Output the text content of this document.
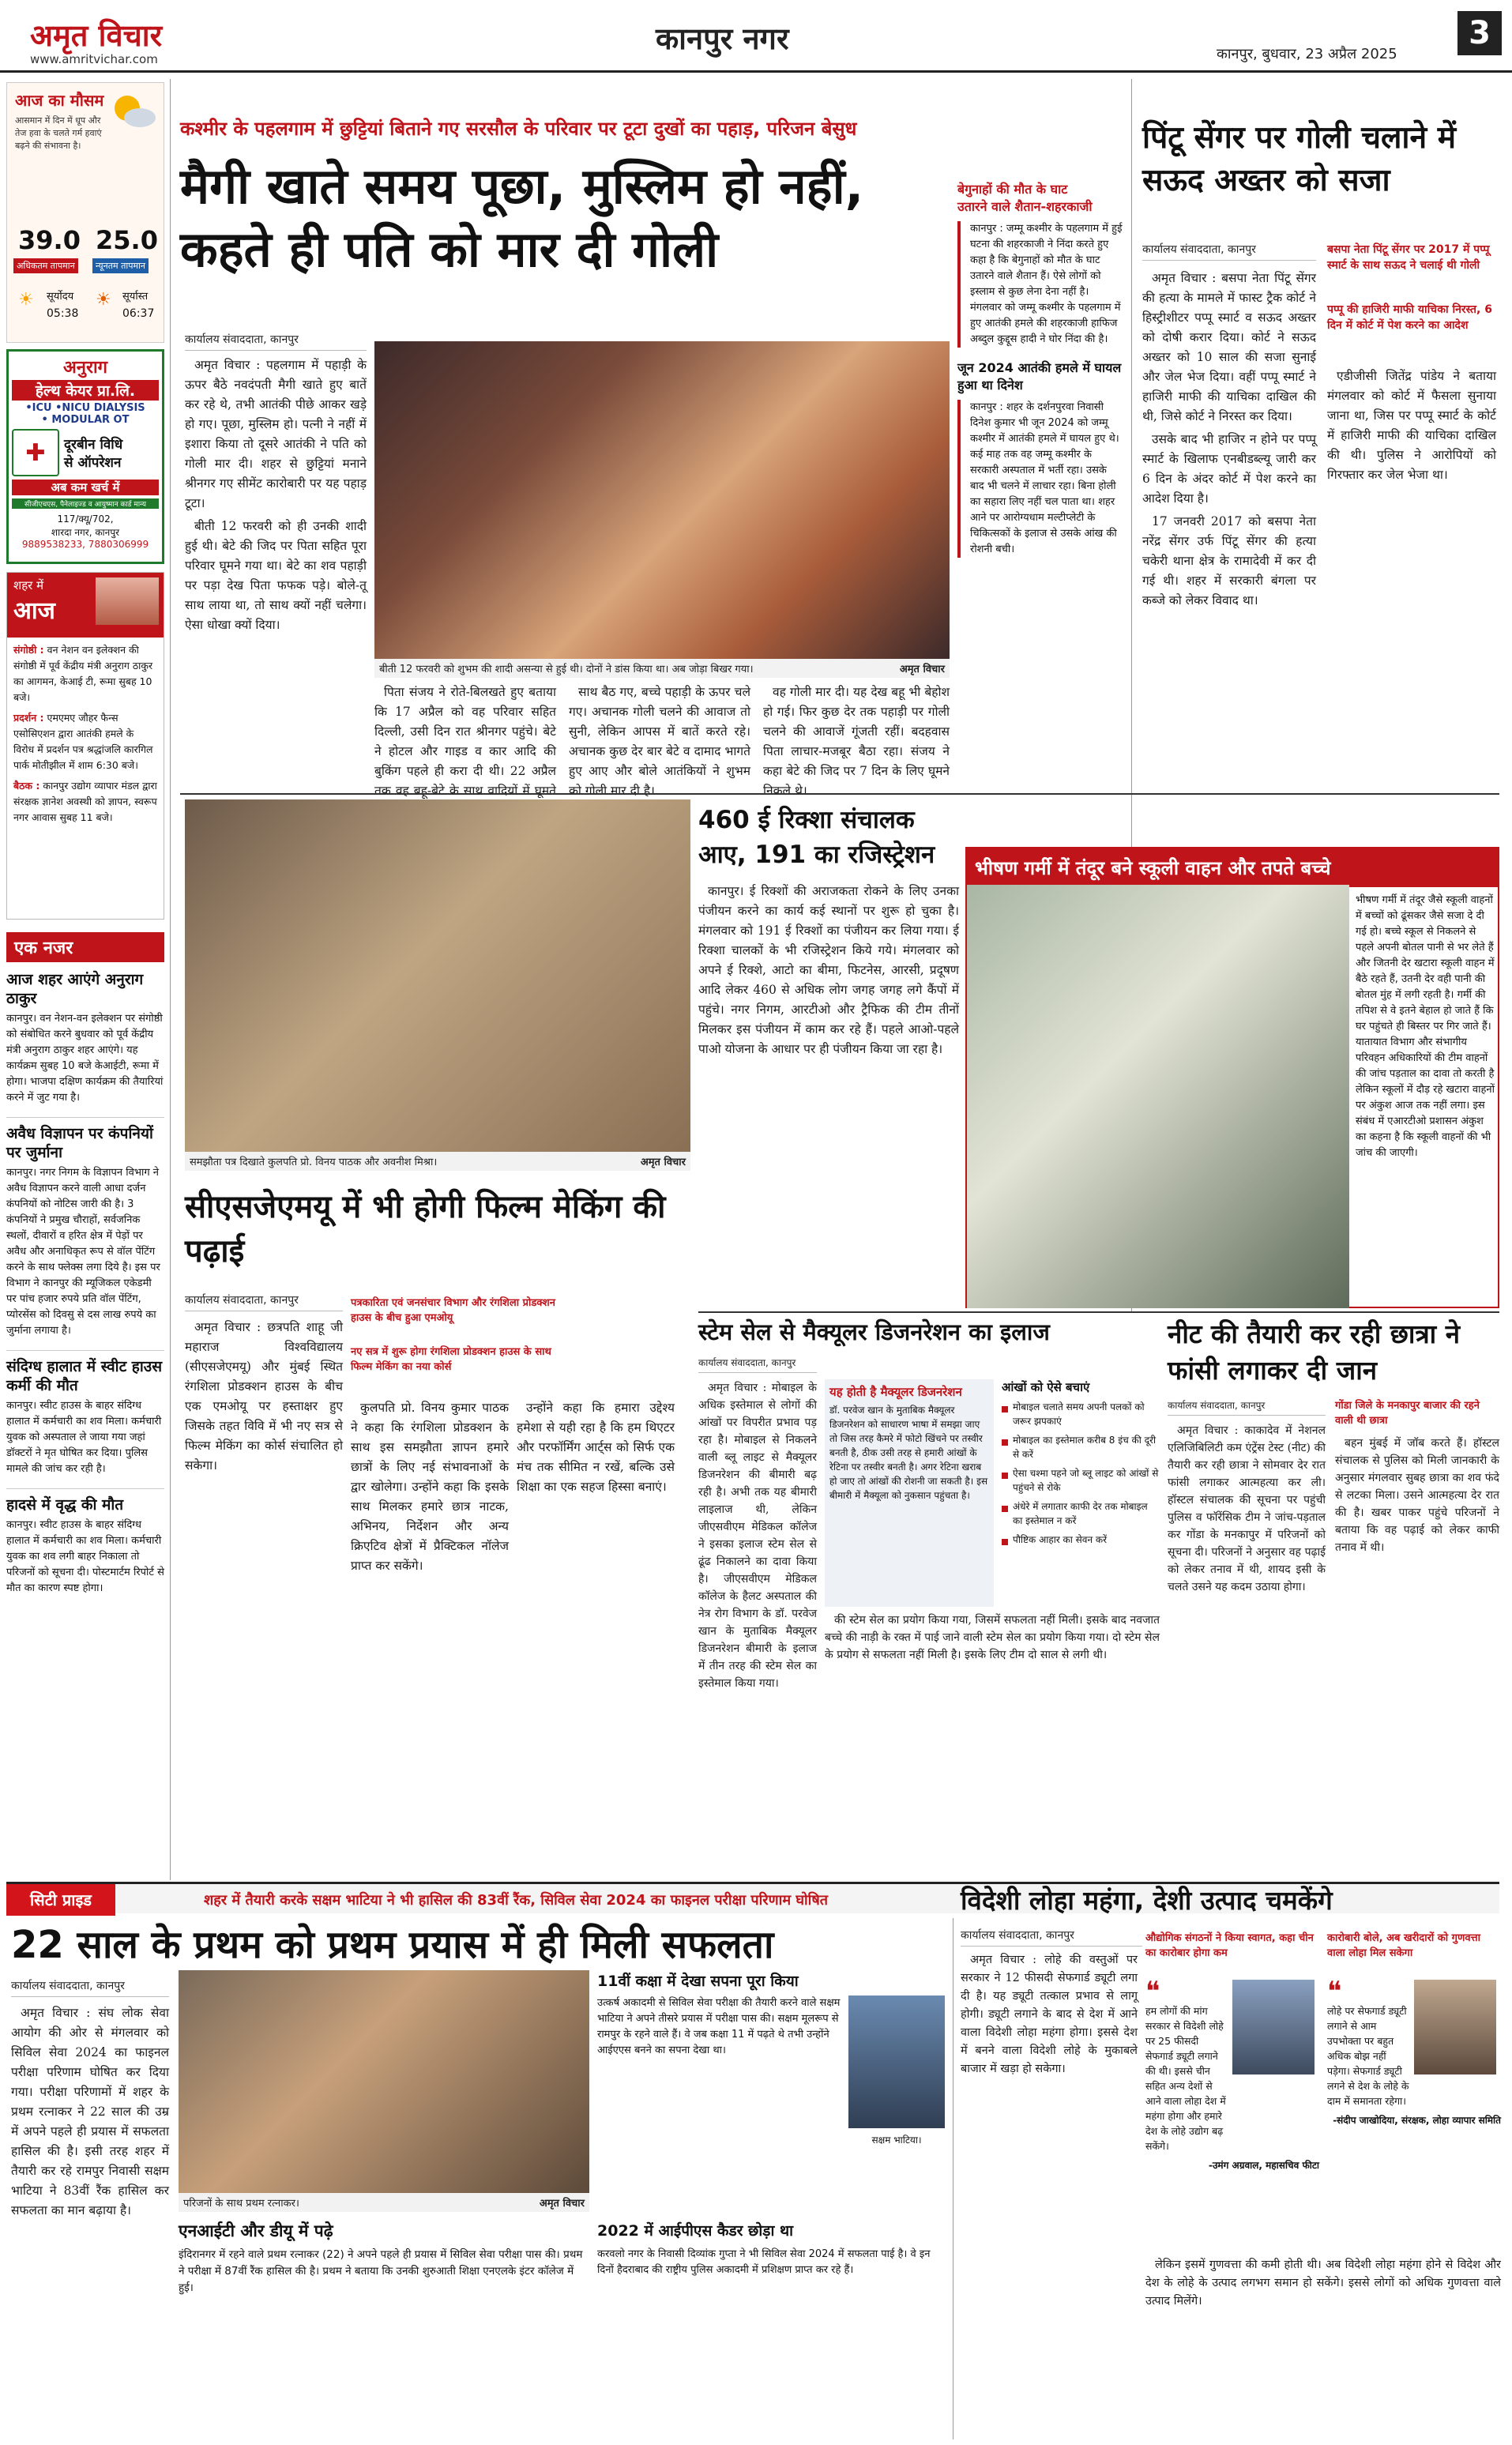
अमृत विचार
www.amritvichar.com
कानपुर नगर	कानपुर, बुधवार, 23 अप्रैल 2025
3
आज का मौसम
आसमान में दिन में धूप और तेज हवा के चलते गर्म हवाएं बढ़ने की संभावना है।
39.0
अधिकतम तापमान
25.0
न्यूनतम तापमान
☀ सूर्योदय
05:38
☀ सूर्यास्त
06:37
अनुराग
हेल्थ केयर प्रा.लि.
•ICU •NICU DIALYSIS
• MODULAR OT
✚	दूरबीन विधि
से ऑपरेशन
अब कम खर्च में
सीजीएचएस, पैनेलाइज्ड व आयुष्मान कार्ड मान्य
117/क्यू/702,
शारदा नगर, कानपुर
9889538233, 7880306999
शहर में
आज
संगोष्ठी : वन नेशन वन इलेक्शन की संगोष्ठी में पूर्व केंद्रीय मंत्री अनुराग ठाकुर का आगमन, केआई टी, रूमा सुबह 10 बजे।
प्रदर्शन : एमएमए जौहर फैन्स एसोसिएशन द्वारा आतंकी हमले के विरोध में प्रदर्शन पत्र श्रद्धांजलि कारगिल पार्क मोतीझील में शाम 6:30 बजे।
बैठक : कानपुर उद्योग व्यापार मंडल द्वारा संरक्षक ज्ञानेश अवस्थी को ज्ञापन, स्वरूप नगर आवास सुबह 11 बजे।
एक नजर
आज शहर आएंगे अनुराग ठाकुर
कानपुर। वन नेशन-वन इलेक्शन पर संगोष्ठी को संबोधित करने बुधवार को पूर्व केंद्रीय मंत्री अनुराग ठाकुर शहर आएंगे। यह कार्यक्रम सुबह 10 बजे केआईटी, रूमा में होगा। भाजपा दक्षिण कार्यक्रम की तैयारियां करने में जुट गया है।
अवैध विज्ञापन पर कंपनियों पर जुर्माना
कानपुर। नगर निगम के विज्ञापन विभाग ने अवैध विज्ञापन करने वाली आधा दर्जन कंपनियों को नोटिस जारी की है। 3 कंपनियों ने प्रमुख चौराहों, सर्वजनिक स्थलों, दीवारों व हरित क्षेत्र में पेड़ों पर अवैध और अनाधिकृत रूप से वॉल पेंटिंग करने के साथ फ्लेक्स लगा दिये है। इस पर विभाग ने कानपुर की म्यूजिकल एकेडमी पर पांच हजार रुपये प्रति वॉल पेंटिंग, प्योरसेंस को दिवसु से दस लाख रुपये का जुर्माना लगाया है।
संदिग्ध हालात में स्वीट हाउस कर्मी की मौत
कानपुर। स्वीट हाउस के बाहर संदिग्ध हालात में कर्मचारी का शव मिला। कर्मचारी युवक को अस्पताल ले जाया गया जहां डॉक्टरों ने मृत घोषित कर दिया। पुलिस मामले की जांच कर रही है।
हादसे में वृद्ध की मौत
कानपुर। स्वीट हाउस के बाहर संदिग्ध हालात में कर्मचारी का शव मिला। कर्मचारी युवक का शव लगी बाहर निकाला तो परिजनों को सूचना दी। पोस्टमार्टम रिपोर्ट से मौत का कारण स्पष्ट होगा।
कश्मीर के पहलगाम में छुट्टियां बिताने गए सरसौल के परिवार पर टूटा दुखों का पहाड़, परिजन बेसुध
मैगी खाते समय पूछा, मुस्लिम हो नहीं, कहते ही पति को मार दी गोली
कार्यालय संवाददाता, कानपुर

अमृत विचार : पहलगाम में पहाड़ी के ऊपर बैठे नवदंपती मैगी खाते हुए बातें कर रहे थे, तभी आतंकी पीछे आकर खड़े हो गए। पूछा, मुस्लिम हो। पत्नी ने नहीं में इशारा किया तो दूसरे आतंकी ने पति को गोली मार दी। शहर से छुट्टियां मनाने श्रीनगर गए सीमेंट कारोबारी पर यह पहाड़ टूटा।

बीती 12 फरवरी को ही उनकी शादी हुई थी। बेटे की जिद पर पिता सहित पूरा परिवार घूमने गया था। बेटे का शव पहाड़ी पर पड़ा देख पिता फफक पड़े। बोले-तू साथ लाया था, तो साथ क्यों नहीं चलेगा। ऐसा धोखा क्यों दिया।

बीती 12 फरवरी को शुभम की शादी असन्या से हुई थी। दोनों ने डांस किया था। अब जोड़ा बिखर गया।	अमृत विचार

पिता संजय ने रोते-बिलखते हुए बताया कि 17 अप्रैल को वह परिवार सहित दिल्ली, उसी दिन रात श्रीनगर पहुंचे। बेटे ने होटल और गाइड व कार आदि की बुकिंग पहले ही करा दी थी। 22 अप्रैल तक वह बहू-बेटे के साथ वादियों में घूमते

साथ बैठ गए, बच्चे पहाड़ी के ऊपर चले गए। अचानक गोली चलने की आवाज तो सुनी, लेकिन आपस में बातें करते रहे। अचानक कुछ देर बार बेटे व दामाद भागते हुए आए और बोले आतंकियों ने शुभम को गोली मार दी है।

वह गोली मार दी। यह देख बहू भी बेहोश हो गई। फिर कुछ देर तक पहाड़ी पर गोली चलने की आवाजें गूंजती रहीं। बदहवास पिता लाचार-मजबूर बैठा रहा। संजय ने कहा बेटे की जिद पर 7 दिन के लिए घूमने निकले थे।

बेगुनाहों की मौत के घाट
उतारने वाले शैतान-शहरकाजी
कानपुर : जम्मू कश्मीर के पहलगाम में हुई घटना की शहरकाजी ने निंदा करते हुए कहा है कि बेगुनाहों को मौत के घाट उतारने वाले शैतान हैं। ऐसे लोगों को इस्लाम से कुछ लेना देना नहीं है। मंगलवार को जम्मू कश्मीर के पहलगाम में हुए आतंकी हमले की शहरकाजी हाफिज अब्दुल कुद्दूस हादी ने घोर निंदा की है।
जून 2024 आतंकी हमले में घायल हुआ था दिनेश
कानपुर : शहर के दर्शनपुरवा निवासी दिनेश कुमार भी जून 2024 को जम्मू कश्मीर में आतंकी हमले में घायल हुए थे। कई माह तक वह जम्मू कश्मीर के सरकारी अस्पताल में भर्ती रहा। उसके बाद भी चलने में लाचार रहा। बिना होली का सहारा लिए नहीं चल पाता था। शहर आने पर आरोग्यधाम मल्टीप्लेटी के चिकित्सकों के इलाज से उसके आंख की रोशनी बची।
पिंटू सेंगर पर गोली चलाने में सऊद अख्तर को सजा
कार्यालय संवाददाता, कानपुर	बसपा नेता पिंटू सेंगर पर 2017 में पप्पू स्मार्ट के साथ सऊद ने चलाई थी गोली
पप्पू की हाजिरी माफी याचिका निरस्त, 6 दिन में कोर्ट में पेश करने का आदेश

अमृत विचार : बसपा नेता पिंटू सेंगर की हत्या के मामले में फास्ट ट्रैक कोर्ट ने हिस्ट्रीशीटर पप्पू स्मार्ट व सऊद अख्तर को दोषी करार दिया। कोर्ट ने सऊद अख्तर को 10 साल की सजा सुनाई और जेल भेज दिया। वहीं पप्पू स्मार्ट ने हाजिरी माफी की याचिका दाखिल की थी, जिसे कोर्ट ने निरस्त कर दिया।

उसके बाद भी हाजिर न होने पर पप्पू स्मार्ट के खिलाफ एनबीडब्ल्यू जारी कर 6 दिन के अंदर कोर्ट में पेश करने का आदेश दिया है।

17 जनवरी 2017 को बसपा नेता नरेंद्र सेंगर उर्फ पिंटू सेंगर की हत्या चकेरी थाना क्षेत्र के रामादेवी में कर दी गई थी। शहर में सरकारी बंगला पर कब्जे को लेकर विवाद था।

एडीजीसी जितेंद्र पांडेय ने बताया मंगलवार को कोर्ट में फैसला सुनाया जाना था, जिस पर पप्पू स्मार्ट के कोर्ट में हाजिरी माफी की याचिका दाखिल की थी। पुलिस ने आरोपियों को गिरफ्तार कर जेल भेजा था।

समझौता पत्र दिखाते कुलपति प्रो. विनय पाठक और अवनीश मिश्रा।	अमृत विचार
460 ई रिक्शा संचालक आए, 191 का रजिस्ट्रेशन

कानपुर। ई रिक्शों की अराजकता रोकने के लिए उनका पंजीयन करने का कार्य कई स्थानों पर शुरू हो चुका है। मंगलवार को 191 ई रिक्शों का पंजीयन कर लिया गया। ई रिक्शा चालकों के भी रजिस्ट्रेशन किये गये। मंगलवार को अपने ई रिक्शे, आटो का बीमा, फिटनेस, आरसी, प्रदूषण आदि लेकर 460 से अधिक लोग जगह जगह लगे कैंपों में पहुंचे। नगर निगम, आरटीओ और ट्रैफिक की टीम तीनों मिलकर इस पंजीयन में काम कर रहे हैं। पहले आओ-पहले पाओ योजना के आधार पर ही पंजीयन किया जा रहा है।

सीएसजेएमयू में भी होगी फिल्म मेकिंग की पढ़ाई
कार्यालय संवाददाता, कानपुर	पत्रकारिता एवं जनसंचार विभाग और रंगशिला प्रोडक्शन हाउस के बीच हुआ एमओयू
नए सत्र में शुरू होगा रंगशिला प्रोडक्शन हाउस के साथ फिल्म मेकिंग का नया कोर्स

अमृत विचार : छत्रपति शाहू जी महाराज विश्वविद्यालय (सीएसजेएमयू) और मुंबई स्थित रंगशिला प्रोडक्शन हाउस के बीच एक एमओयू पर हस्ताक्षर हुए जिसके तहत विवि में भी नए सत्र से फिल्म मेकिंग का कोर्स संचालित हो सकेगा।

कुलपति प्रो. विनय कुमार पाठक ने कहा कि रंगशिला प्रोडक्शन के साथ इस समझौता ज्ञापन हमारे छात्रों के लिए नई संभावनाओं के द्वार खोलेगा। उन्होंने कहा कि इसके साथ मिलकर हमारे छात्र नाटक, अभिनय, निर्देशन और अन्य क्रिएटिव क्षेत्रों में प्रैक्टिकल नॉलेज प्राप्त कर सकेंगे।

उन्होंने कहा कि हमारा उद्देश्य हमेशा से यही रहा है कि हम थिएटर और परफॉर्मिंग आर्ट्स को सिर्फ एक मंच तक सीमित न रखें, बल्कि उसे शिक्षा का एक सहज हिस्सा बनाएं।

भीषण गर्मी में तंदूर बने स्कूली वाहन और तपते बच्चे
भीषण गर्मी में तंदूर जैसे स्कूली वाहनों में बच्चों को ढूंसकर जैसे सजा दे दी गई हो। बच्चे स्कूल से निकलने से पहले अपनी बोतल पानी से भर लेते हैं और जितनी देर खटारा स्कूली वाहन में बैठे रहते हैं, उतनी देर वही पानी की बोतल मुंह में लगी रहती है। गर्मी की तपिश से वे इतने बेहाल हो जाते हैं कि घर पहुंचते ही बिस्तर पर गिर जाते हैं। यातायात विभाग और संभागीय परिवहन अधिकारियों की टीम वाहनों की जांच पड़ताल का दावा तो करती है लेकिन स्कूलों में दौड़ रहे खटारा वाहनों पर अंकुश आज तक नहीं लगा। इस संबंध में एआरटीओ प्रशासन अंकुश का कहना है कि स्कूली वाहनों की भी जांच की जाएगी।
स्टेम सेल से मैक्यूलर डिजनरेशन का इलाज
कार्यालय संवाददाता, कानपुर

अमृत विचार : मोबाइल के अधिक इस्तेमाल से लोगों की आंखों पर विपरीत प्रभाव पड़ रहा है। मोबाइल से निकलने वाली ब्लू लाइट से मैक्यूलर डिजनरेशन की बीमारी बढ़ रही है। अभी तक यह बीमारी लाइलाज थी, लेकिन जीएसवीएम मेडिकल कॉलेज ने इसका इलाज स्टेम सेल से ढूंढ निकालने का दावा किया है। जीएसवीएम मेडिकल कॉलेज के हैलट अस्पताल की नेत्र रोग विभाग के डॉ. परवेज खान के मुताबिक मैक्यूलर डिजनरेशन बीमारी के इलाज में तीन तरह की स्टेम सेल का इस्तेमाल किया गया।

यह होती है मैक्यूलर डिजनरेशन
डॉ. परवेज खान के मुताबिक मैक्यूलर डिजनरेशन को साधारण भाषा में समझा जाए तो जिस तरह कैमरे में फोटो खिंचने पर तस्वीर बनती है, ठीक उसी तरह से हमारी आंखों के रेटिना पर तस्वीर बनती है। अगर रेटिना खराब हो जाए तो आंखों की रोशनी जा सकती है। इस बीमारी में मैक्यूला को नुकसान पहुंचता है।
आंखों को ऐसे बचाएं
मोबाइल चलाते समय अपनी पलकों को जरूर झपकाएं
मोबाइल का इस्तेमाल करीब 8 इंच की दूरी से करें
ऐसा चश्मा पहने जो ब्लू लाइट को आंखों से पहुंचने से रोके
अंधेरे में लगातार काफी देर तक मोबाइल का इस्तेमाल न करें
पौष्टिक आहार का सेवन करें

की स्टेम सेल का प्रयोग किया गया, जिसमें सफलता नहीं मिली। इसके बाद नवजात बच्चे की नाड़ी के रक्त में पाई जाने वाली स्टेम सेल का प्रयोग किया गया। दो स्टेम सेल के प्रयोग से सफलता नहीं मिली है। इसके लिए टीम दो साल से लगी थी।

नीट की तैयारी कर रही छात्रा ने फांसी लगाकर दी जान
कार्यालय संवाददाता, कानपुर	गोंडा जिले के मनकापुर बाजार की रहने वाली थी छात्रा

अमृत विचार : काकादेव में नेशनल एलिजिबिलिटी कम एंट्रेंस टेस्ट (नीट) की तैयारी कर रही छात्रा ने सोमवार देर रात फांसी लगाकर आत्महत्या कर ली। हॉस्टल संचालक की सूचना पर पहुंची पुलिस व फॉरेंसिक टीम ने जांच-पड़ताल कर गोंडा के मनकापुर में परिजनों को सूचना दी। परिजनों ने अनुसार वह पढ़ाई को लेकर तनाव में थी, शायद इसी के चलते उसने यह कदम उठाया होगा।

बहन मुंबई में जॉब करते हैं। हॉस्टल संचालक से पुलिस को मिली जानकारी के अनुसार मंगलवार सुबह छात्रा का शव फंदे से लटका मिला। उसने आत्महत्या देर रात की है। खबर पाकर पहुंचे परिजनों ने बताया कि वह पढ़ाई को लेकर काफी तनाव में थी।

सिटी प्राइड	शहर में तैयारी करके सक्षम भाटिया ने भी हासिल की 83वीं रैंक, सिविल सेवा 2024 का फाइनल परीक्षा परिणाम घोषित
22 साल के प्रथम को प्रथम प्रयास में ही मिली सफलता
कार्यालय संवाददाता, कानपुर

अमृत विचार : संघ लोक सेवा आयोग की ओर से मंगलवार को सिविल सेवा 2024 का फाइनल परीक्षा परिणाम घोषित कर दिया गया। परीक्षा परिणामों में शहर के प्रथम रत्नाकर ने 22 साल की उम्र में अपने पहले ही प्रयास में सफलता हासिल की है। इसी तरह शहर में तैयारी कर रहे रामपुर निवासी सक्षम भाटिया ने 83वीं रैंक हासिल कर सफलता का मान बढ़ाया है।	परिजनों के साथ प्रथम रत्नाकर।	अमृत विचार
एनआईटी और डीयू में पढ़े
इंदिरानगर में रहने वाले प्रथम रत्नाकर (22) ने अपने पहले ही प्रयास में सिविल सेवा परीक्षा पास की। प्रथम ने परीक्षा में 87वीं रैंक हासिल की है। प्रथम ने बताया कि उनकी शुरुआती शिक्षा एनएलके इंटर कॉलेज में हुई।
11वीं कक्षा में देखा सपना पूरा किया
उत्कर्ष अकादमी से सिविल सेवा परीक्षा की तैयारी करने वाले सक्षम भाटिया ने अपने तीसरे प्रयास में परीक्षा पास की। सक्षम मूलरूप से रामपुर के रहने वाले हैं। वे जब कक्षा 11 में पढ़ते थे तभी उन्होंने आईएएस बनने का सपना देखा था।
सक्षम भाटिया।
2022 में आईपीएस कैडर छोड़ा था
करवलो नगर के निवासी दिव्यांक गुप्ता ने भी सिविल सेवा 2024 में सफलता पाई है। वे इन दिनों हैदराबाद की राष्ट्रीय पुलिस अकादमी में प्रशिक्षण प्राप्त कर रहे हैं।
विदेशी लोहा महंगा, देशी उत्पाद चमकेंगे
कार्यालय संवाददाता, कानपुर	औद्योगिक संगठनों ने किया स्वागत, कहा चीन का कारोबार होगा कम
कारोबारी बोले, अब खरीदारों को गुणवत्ता वाला लोहा मिल सकेगा

अमृत विचार : लोहे की वस्तुओं पर सरकार ने 12 फीसदी सेफगार्ड ड्यूटी लगा दी है। यह ड्यूटी तत्काल प्रभाव से लागू होगी। ड्यूटी लगाने के बाद से देश में आने वाला विदेशी लोहा महंगा होगा। इससे देश में बनने वाला विदेशी लोहे के मुकाबले बाजार में खड़ा हो सकेगा।

❝
हम लोगों की मांग सरकार से विदेशी लोहे पर 25 फीसदी सेफगार्ड ड्यूटी लगाने की थी। इससे चीन सहित अन्य देशों से आने वाला लोहा देश में महंगा होगा और हमारे देश के लोहे उद्योग बढ़ सकेंगे।
-उमंग अग्रवाल, महासचिव फीटा
❝
लोहे पर सेफगार्ड ड्यूटी लगाने से आम उपभोक्ता पर बहुत अधिक बोझ नहीं पड़ेगा। सेफगार्ड ड्यूटी लगने से देश के लोहे के दाम में समानता रहेगा।
-संदीप जाखोदिया, संरक्षक, लोहा व्यापार समिति

लेकिन इसमें गुणवत्ता की कमी होती थी। अब विदेशी लोहा महंगा होने से विदेश और देश के लोहे के उत्पाद लगभग समान हो सकेंगे। इससे लोगों को अधिक गुणवत्ता वाले उत्पाद मिलेंगे।
